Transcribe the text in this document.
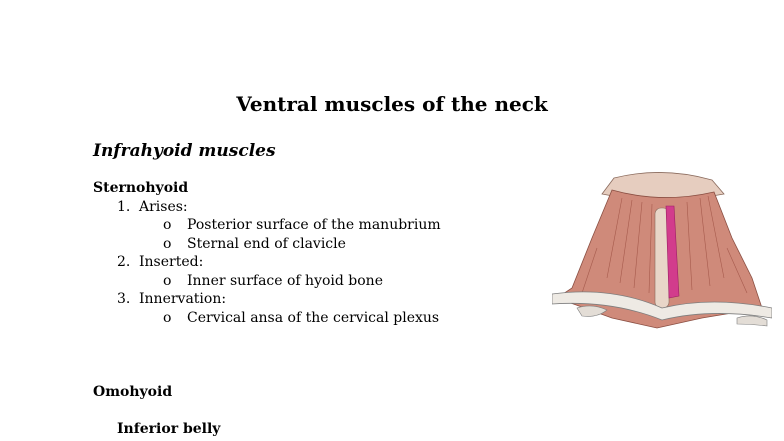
Ventral muscles of the neck
Infrahyoid muscles
Sternohyoid
1. Arises:
o Posterior surface of the manubrium
o Sternal end of clavicle
2. Inserted:
o Inner surface of hyoid bone
3. Innervation:
o Cervical ansa of the cervical plexus
Omohyoid
Inferior belly
